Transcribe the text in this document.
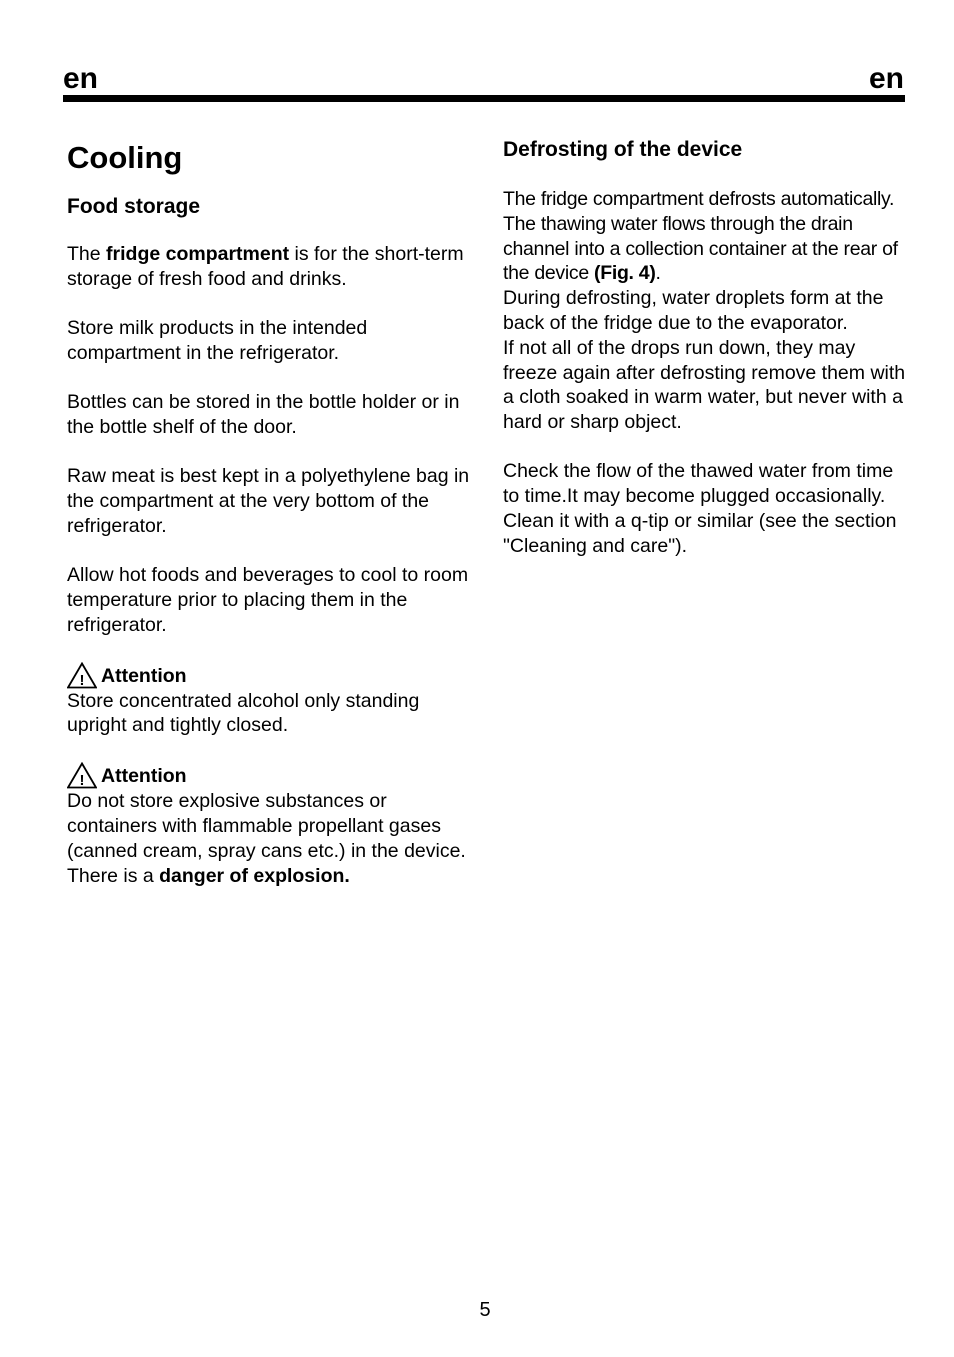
en	en
Cooling
Food storage

The fridge compartment is for the short-term storage of fresh food and drinks.

Store milk products in the intended compartment in the refrigerator.

Bottles can be stored in the bottle holder or in the bottle shelf of the door.

Raw meat is best kept in a polyethylene bag in the compartment at the very bottom of the refrigerator.

Allow hot foods and beverages to cool to room temperature prior to placing them in the refrigerator.

! Attention

Store concentrated alcohol only standing upright and tightly closed.

! Attention

Do not store explosive substances or containers with flammable propellant gases (canned cream, spray cans etc.) in the device. There is a danger of explosion.

Defrosting of the device

The fridge compartment defrosts automatically. The thawing water flows through the drain channel into a collection container at the rear of the device (Fig. 4).

During defrosting, water droplets form at the back of the fridge due to the evaporator.

If not all of the drops run down, they may freeze again after defrosting remove them with a cloth soaked in warm water, but never with a hard or sharp object.

Check the flow of the thawed water from time to time.It may become plugged occasionally. Clean it with a q-tip or similar (see the section "Cleaning and care").

5
